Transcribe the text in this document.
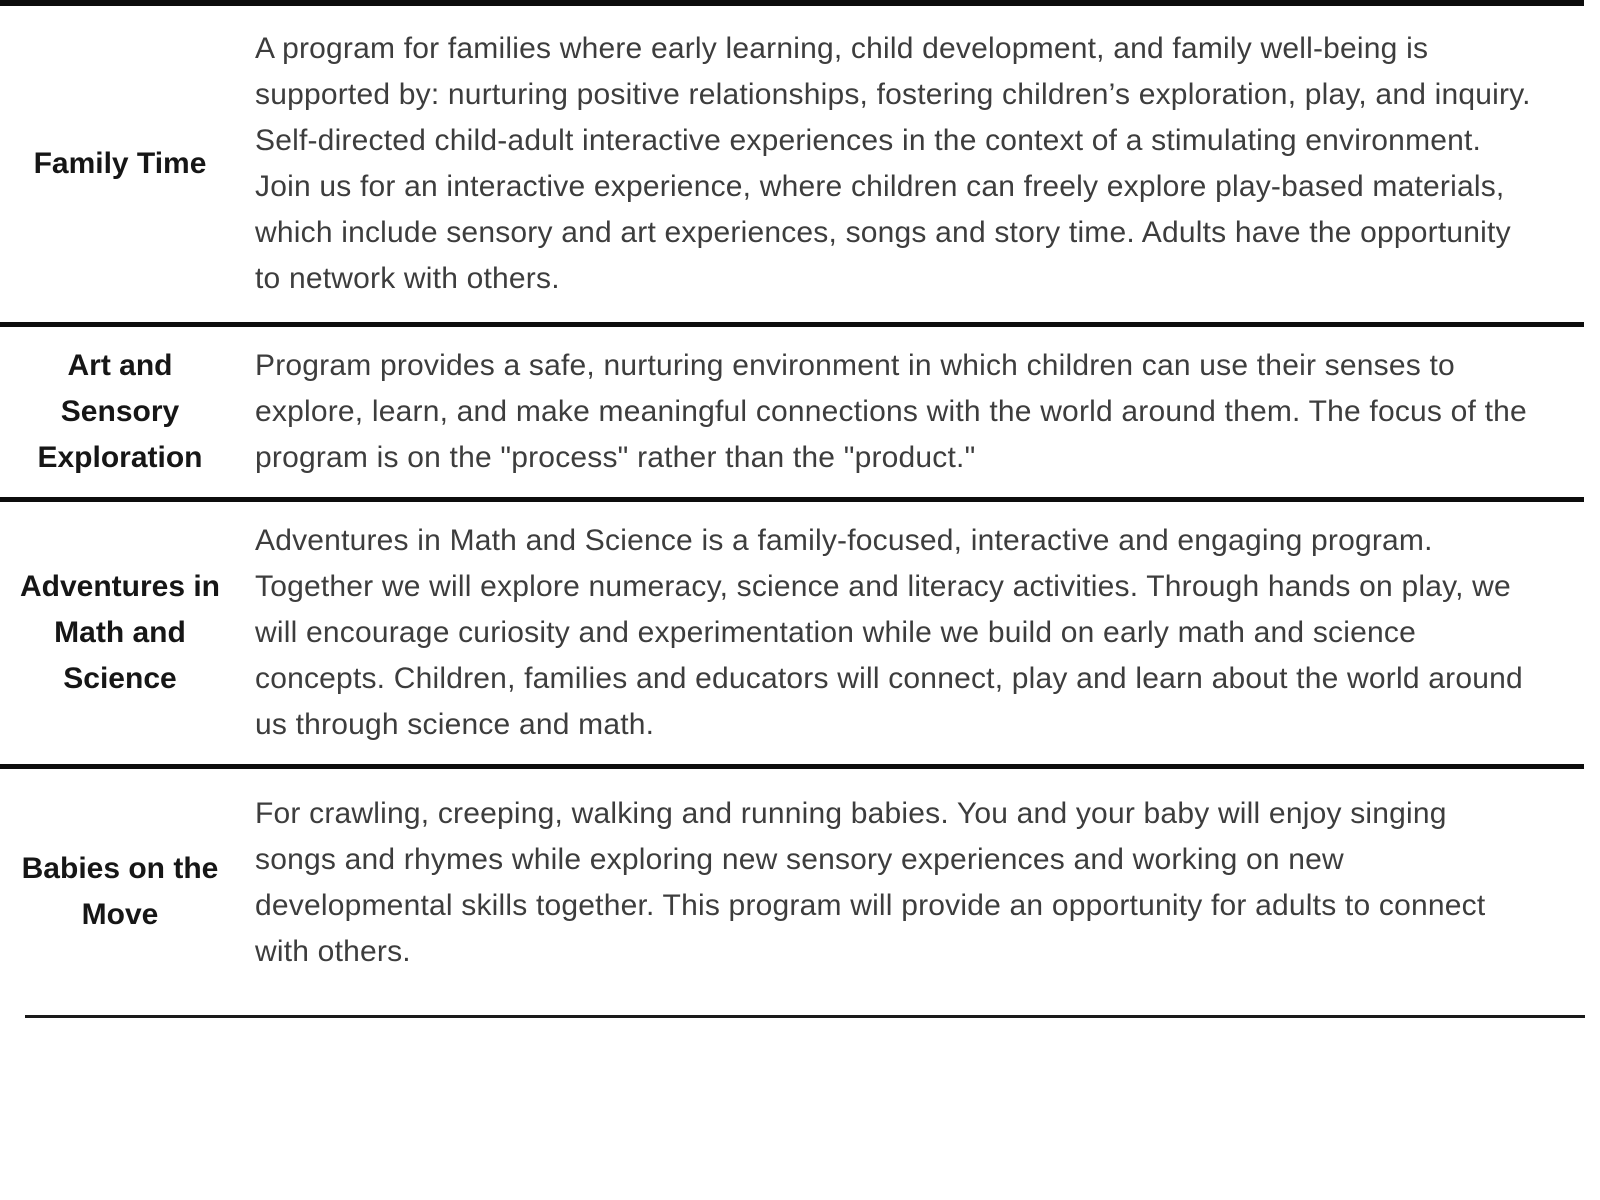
Family Time
A program for families where early learning, child development, and family well-being is supported by: nurturing positive relationships, fostering children’s exploration, play, and inquiry. Self-directed child-adult interactive experiences in the context of a stimulating environment. Join us for an interactive experience, where children can freely explore play-based materials, which include sensory and art experiences, songs and story time. Adults have the opportunity to network with others.
Art and Sensory Exploration
Program provides a safe, nurturing environment in which children can use their senses to explore, learn, and make meaningful connections with the world around them. The focus of the program is on the "process" rather than the "product."
Adventures in Math and Science
Adventures in Math and Science is a family-focused, interactive and engaging program. Together we will explore numeracy, science and literacy activities. Through hands on play, we will encourage curiosity and experimentation while we build on early math and science concepts. Children, families and educators will connect, play and learn about the world around us through science and math.
Babies on the Move
For crawling, creeping, walking and running babies. You and your baby will enjoy singing songs and rhymes while exploring new sensory experiences and working on new developmental skills together. This program will provide an opportunity for adults to connect with others.
